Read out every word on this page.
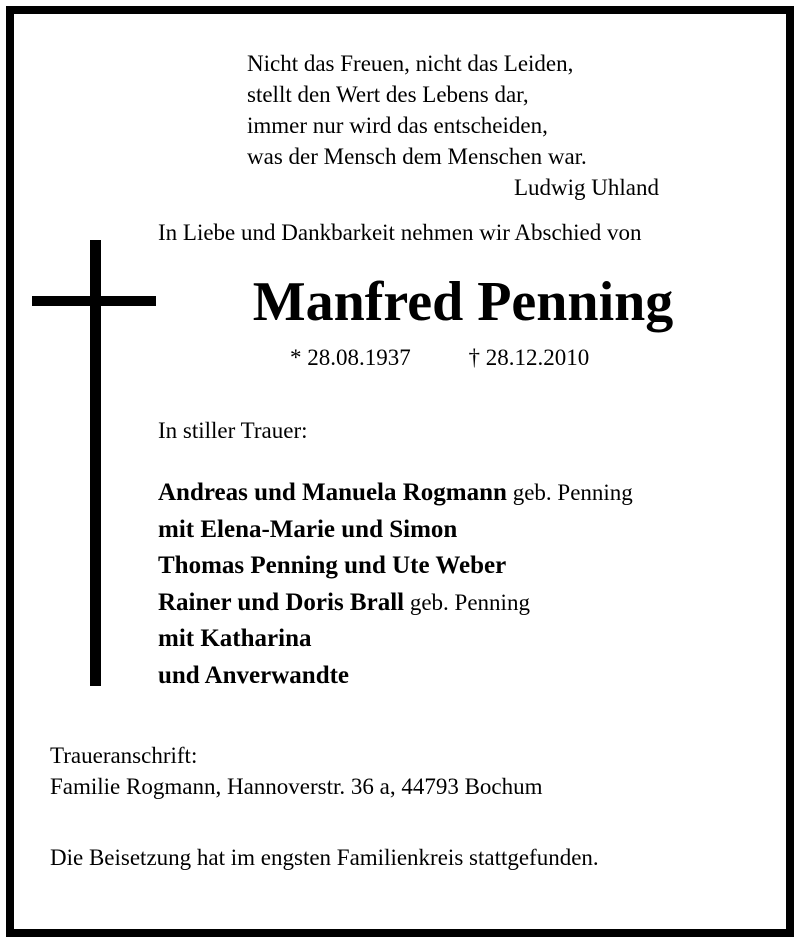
Nicht das Freuen, nicht das Leiden,
stellt den Wert des Lebens dar,
immer nur wird das entscheiden,
was der Mensch dem Menschen war.
Ludwig Uhland
In Liebe und Dankbarkeit nehmen wir Abschied von
Manfred Penning
* 28.08.1937	† 28.12.2010
In stiller Trauer:
Andreas und Manuela Rogmann geb. Penning
mit Elena-Marie und Simon
Thomas Penning und Ute Weber
Rainer und Doris Brall geb. Penning
mit Katharina
und Anverwandte
Traueranschrift:
Familie Rogmann, Hannoverstr. 36 a, 44793 Bochum
Die Beisetzung hat im engsten Familienkreis stattgefunden.
